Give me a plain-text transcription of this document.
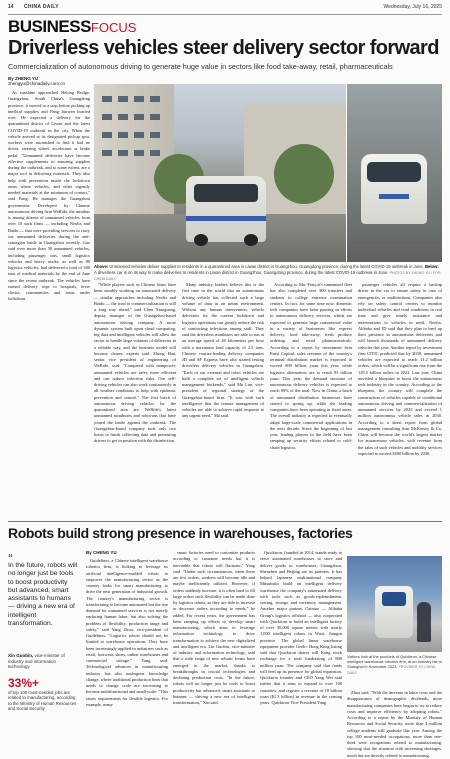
14 CHINA DAILY	Wednesday, July 16, 2025
BUSINESSFOCUS
Driverless vehicles steer delivery sector forward
Commercialization of autonomous driving to generate huge value in sectors like food take-away, retail, pharmaceuticals
By ZHENG YU
zhengyu@chinadaily.com.cn

As sunshine approached Helong Bridge, Guangzhou, South China's Guangdong province, it moved to a stop before picking up medical supplies and Pang Junwen hurried over. He expected a delivery for the quarantined district of Liwan and the latest COVID-19 outbreak in the city. When the vehicle arrived at its designated pickup spot, workers were astonished to find it had no driver, steering wheel, accelerator or brake pedal. "Unmanned deliveries have become effective supplements to ensuring supplies during the outbreak, and to some extent, are a major tool in delivering materials. They also help with prevention inside the lockdown areas where vehicles, and other urgently needed materials at the minimum of contact," said Pang. He manages the Guangzhou government. Developed by Chinese autonomous driving firm WeRide, the minibus is among dozens of unmanned vehicles from over 10 such firms — including Neolix and Baidu — that were providing services to carry out unmanned deliveries during the anti-contagion battle in Guangzhou recently. Gao said over more than 30 unmanned vehicles, including passenger cars, small logistics vehicles and heavy trucks, as well as 90 logistics vehicles, had delivered a total of 300 tons of medical materials by the end of June since the recent outbreak. The vehicles have earned delivery trips to hospitals, fever clinics, communities and areas under lockdown.

Above: Unmanned vehicles deliver supplies to residents in a quarantined area in Liwan district in Guangzhou, Guangdong province, during the latest COVID-19 outbreak in June. Below: A driverless car is on its way to make deliveries to residents in Liwan district in Guangzhou, Guangdong province, during the latest COVID-19 outbreak in June. PHOTOS BY ZHENG YU / FOR CHINA DAILY

"While players such as Chinese firms have been steadily working on automated delivery — similar approaches including Neolix and Baidu — the road to commercialization is still a long way ahead," said Chen Xiaoguang, deputy manager of the Guangzhou-based autonomous driving company. A more dynamic system built upon cloud computing, big data and intelligent vehicles will allow the sector to handle large volumes of deliveries in a reliable way, and the business model will become clearer, experts said. Zhong Hua, senior vice president of engineering of WeRide, said: "Compared with manpower, unmanned vehicles are safer, more efficient and can reduce infection risks. Our self-driving vehicles can also work continuously in all weather conditions to help with epidemic prevention and control." The first batch of autonomous driving vehicles for the quarantined area are WeRide's latest unmanned minibuses and robovans that have joined the battle against the outbreak. The Guangzhou-based company took only two hours to finish collecting data and presenting drivers to get in position with the disinfection.

Many industry leaders believe this is the first time in the world that an autonomous driving vehicle has collected such a large volume of data in an urban environment. Without any human intervention, vehicle deliveries for the current lockdown and logistics operations can greatly reduce the risk of contracting infections among staff. They said the driverless minibuses are able to run at an average speed of 40 kilometers per hour with a maximum load capacity of 2.5 tons. Chinese courier-leading delivery companies JD and SF Express have also started testing driverless delivery vehicles in Guangzhou. "Each of our external and robot vehicles are built a complete set of intelligent vehicle management backends," said Ma Lan, vice-president of regional strategy of the Guangzhou-based firm. "It was with such intelligence that the remote management of vehicles are able to achieve rapid response to any urgent need," Ma said.

According to Ma, Pony.ai's unmanned fleet has also completed over 300 transfers and students to college entrance examination centers. In fact, for some time now, domestic tech companies have been pouring in efforts to autonomous delivery services, which are expected to generate large commercial value in a variety of businesses like express delivery, food take-away, fresh produce ordering and retail pharmaceuticals. According to a report by investment firm Ernst Capital, sales revenue of the country's terminal distribution market is expected to exceed 800 billion yuan this year, while logistics alternatives are to reach 93 billion yuan. This year, the demand structure of autonomous delivery vehicles is expected to reach 89% of the total. Now in China, a batch of unmanned distribution businesses have started to spring up, while the leading companies have been operating in fixed areas. The overall industry is expected to eventually adopt large-scale commercial applications in the next decade. Since the beginning of last year, leading players in the field have been ramping up security efforts related to cold-chain logistics.

passenger vehicles all require a backup driver in the car to ensure safety in case of emergencies or malfunctions. Companies also rely on safety control centers to monitor individual vehicles and road conditions in real time and give timely assistance and interventions to vehicles in need. Neolix, Alibaba and JD said that they plan to beef up their presence in autonomous deliveries and will launch thousands of unmanned delivery vehicles this year. Another report by investment firm CITIC predicted that by 2030, unmanned vehicles are expected to reach 11.2 billion orders, which will be a significant rise from the 129.5 billion orders in 2022. Last year, China unveiled a blueprint to boost the autonomous tech industry in the country. According to the blueprint, the country will complete the construction of vehicles capable of conditional autonomous driving and commercialization of unmanned services by 2025 and exceed 1 million autonomous vehicle sales in 2030. According to a latest report from global management consulting firm McKinsey & Co, China will become the world's largest market for autonomous vehicles, with revenue from the sales of such vehicles and mobility services expected to exceed $500 billion by 2030.

Robots build strong presence in warehouses, factories
“
In the future, robots will no longer just be tools to boost productivity but advanced, smart assistants to humans — driving a new era of intelligent transformation.
Xin Guobin, vice-minister of industry and information technology
33%+
of top 100 most-needed jobs are related to manufacturing, according to the Ministry of Human Resources and Social Security
By CHENG YU

Guidelines, a Chinese intelligent warehouse robotics firm, is looking to leverage its artificial intelligence-enabled robots to empower the manufacturing sector as the country looks for smart manufacturing to drive the next generation of industrial growth. The country's manufacturing sector is transforming to become automated but the rise demand for unmanned services is not merely replacing human labor, but also solving the problem of flexibility, production range and safety," said Yang Zhou, vice-president of Guidelines. "Logistics robots should not be limited to warehouse operations. They have been increasingly applied in industries such as retail, footwear, shoes, online warehouses and commercial storage," Yang said. Technological advances in manufacturing industry has also undergone knowledge change, where traditional production lines that needs to change scale are increasing to become multifunctional and small-scale. "This raises requirements for flexible logistics. For example, many

smart factories need to customize products according to customer needs but it is inevitable that robots will fluctuate," Yang said. "Under such circumstances, when there are few orders, workers will become idle and maybe inefficiently utilized. However, if orders suddenly increase, it is often hard to fill large orders such flexibility can be made done by logistics robots, as they are able to increase or decrease orders according to needs," he added. For recent years, the government has been ramping up efforts to develop smart manufacturing, which aims to leverage information technology to drive transformation to achieve the new digitalized and intelligent era. Lin Guobin, vice-minister of industry and information technology, said that a wide range of new robotic forms have emerged in the market, thanks to breakthroughs in crucial technologies and declining production costs. "In the future, robots will no longer just be tools to boost productivity but advanced, smart assistants to humans — driving a new era of intelligent transformation," Xin said.

Quicktron, founded in 2014, stands ready to serve automated warehouses to store and deliver goods in warehouses, Guangzhou, Shenzhen and Beijing are its partners. It has helped Japanese multinational company Mitsubishi build an intelligent delivery warehouse the company's automated delivery with tools such as goods-replenishment, sorting, storage and inventory management. Another major partner, Cainiao — Alibaba Group's logistics offshoot — also cooperated with Quicktron to build an intelligent factory of over 50,000 square meters with nearly 1,000 intelligent robots in Wuxi, Jiangsu province. The global linear warehouse equipment provider Geek+ Hong Kong listing said that Quicktron shares will Kong stock exchange for a total fundraising of 800 million yuan. The company said that funds will feed up its presence for global expansion. Quicktron founder and CEO Yang Wei said earlier that it aims to expand to over 100 countries, and register a revenue of 10 billion yuan ($1.3 billion) in revenue in the coming years. Quicktron Vice-President Yang

Visitors look at the products of Quicktron, a Chinese intelligent warehouse robotics firm, at an industry fair in Shanghai in November 2023. PROVIDED TO CHINA DAILY

Zhou said, "With the increase in labor costs and the disappearance of demographic dividends, more manufacturing companies have begun to try to reduce costs and improve efficiency by adopting robots." According to a report by the Ministry of Human Resources and Social Security, more than 4 million college students will graduate this year. Among the top 100 most-needed occupations, more than one-third were occupations related to manufacturing, showing that the situation with increasing shortages, much but are directly related to manufacturing.
